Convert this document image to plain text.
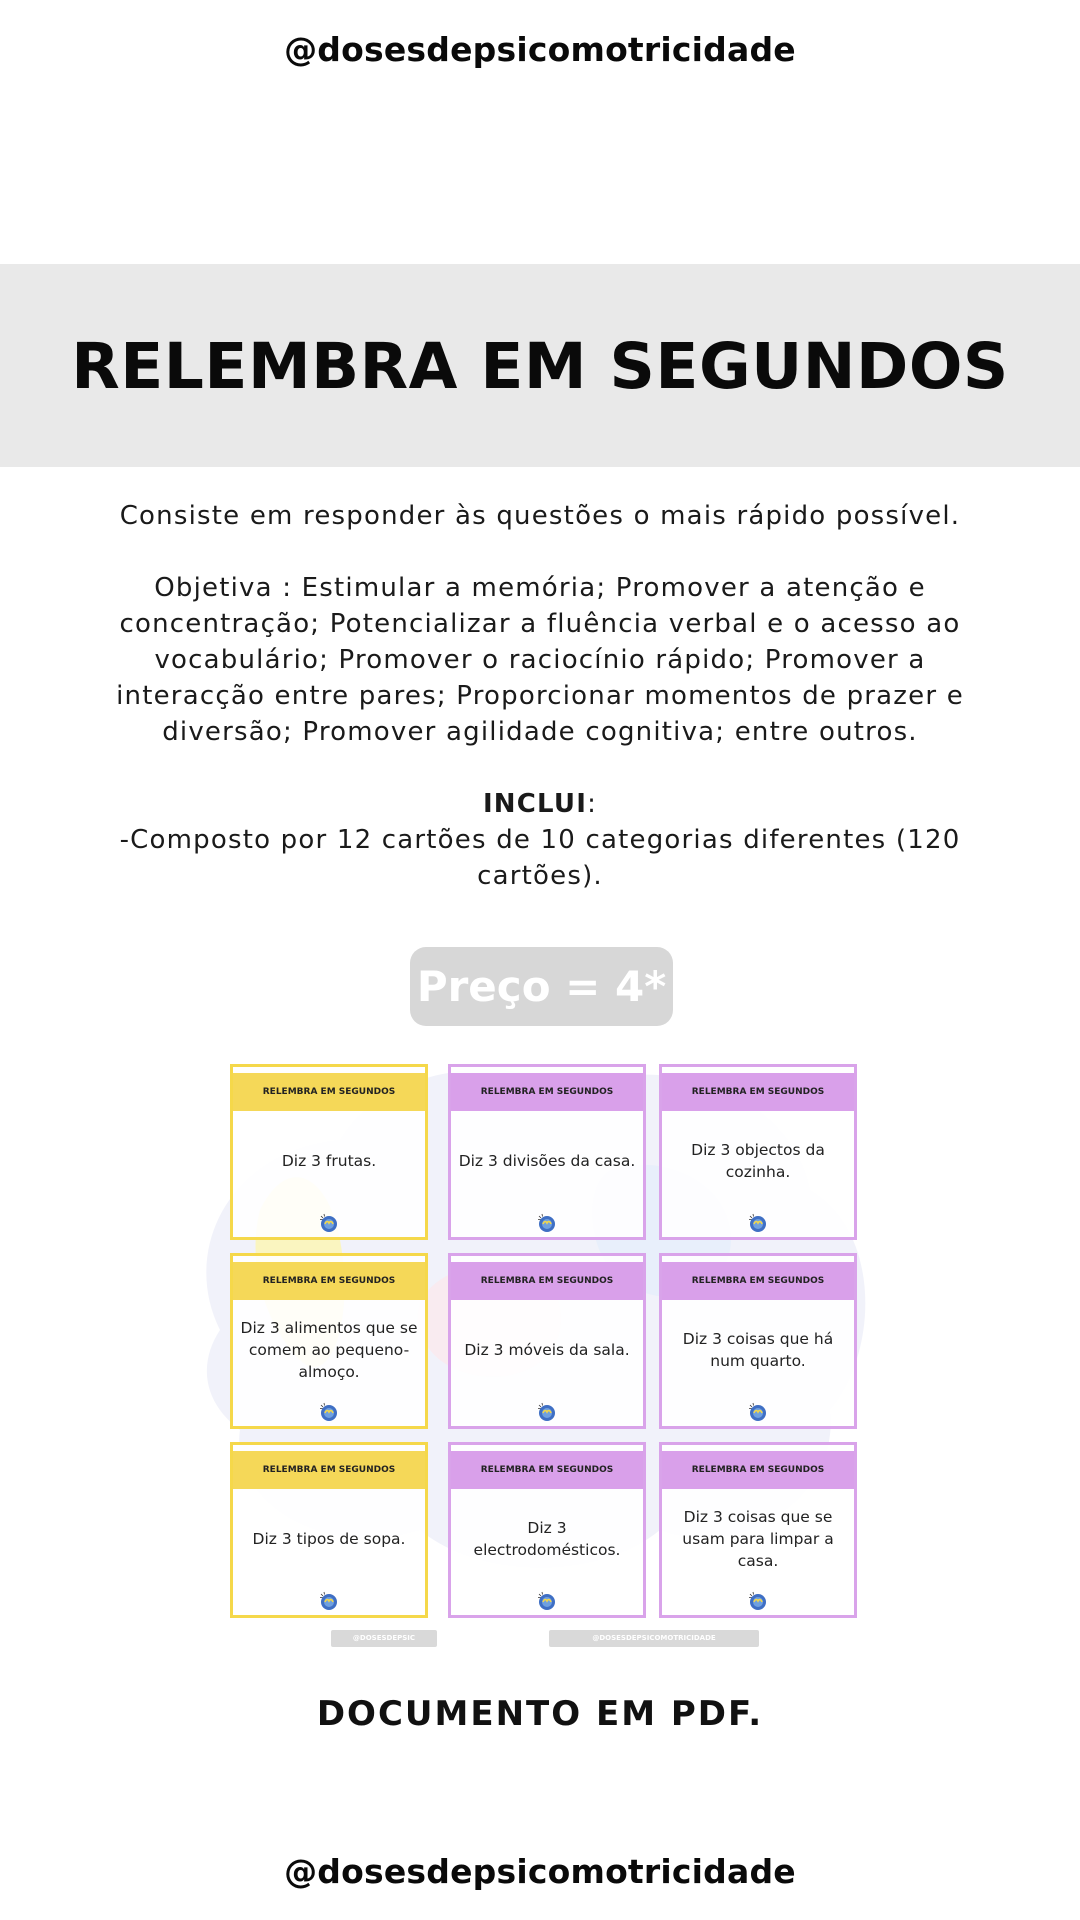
@dosesdepsicomotricidade
RELEMBRA EM SEGUNDOS
Consiste em responder às questões o mais rápido possível.
Objetiva : Estimular a memória; Promover a atenção e concentração; Potencializar a fluência verbal e o acesso ao vocabulário; Promover o raciocínio rápido; Promover a interacção entre pares; Proporcionar momentos de prazer e diversão; Promover agilidade cognitiva; entre outros.
INCLUI:
-Composto por 12 cartões de 10 categorias diferentes (120 cartões).
Preço = 4*
RELEMBRA EM SEGUNDOS
Diz 3 frutas.
RELEMBRA EM SEGUNDOS
Diz 3 divisões da casa.
RELEMBRA EM SEGUNDOS
Diz 3 objectos da cozinha.
RELEMBRA EM SEGUNDOS
Diz 3 alimentos que se comem ao pequeno-almoço.
RELEMBRA EM SEGUNDOS
Diz 3 móveis da sala.
RELEMBRA EM SEGUNDOS
Diz 3 coisas que há num quarto.
RELEMBRA EM SEGUNDOS
Diz 3 tipos de sopa.
RELEMBRA EM SEGUNDOS
Diz 3 electrodomésticos.
RELEMBRA EM SEGUNDOS
Diz 3 coisas que se usam para limpar a casa.
@DOSESDEPSIC	@DOSESDEPSICOMOTRICIDADE
DOCUMENTO EM PDF.
@dosesdepsicomotricidade
